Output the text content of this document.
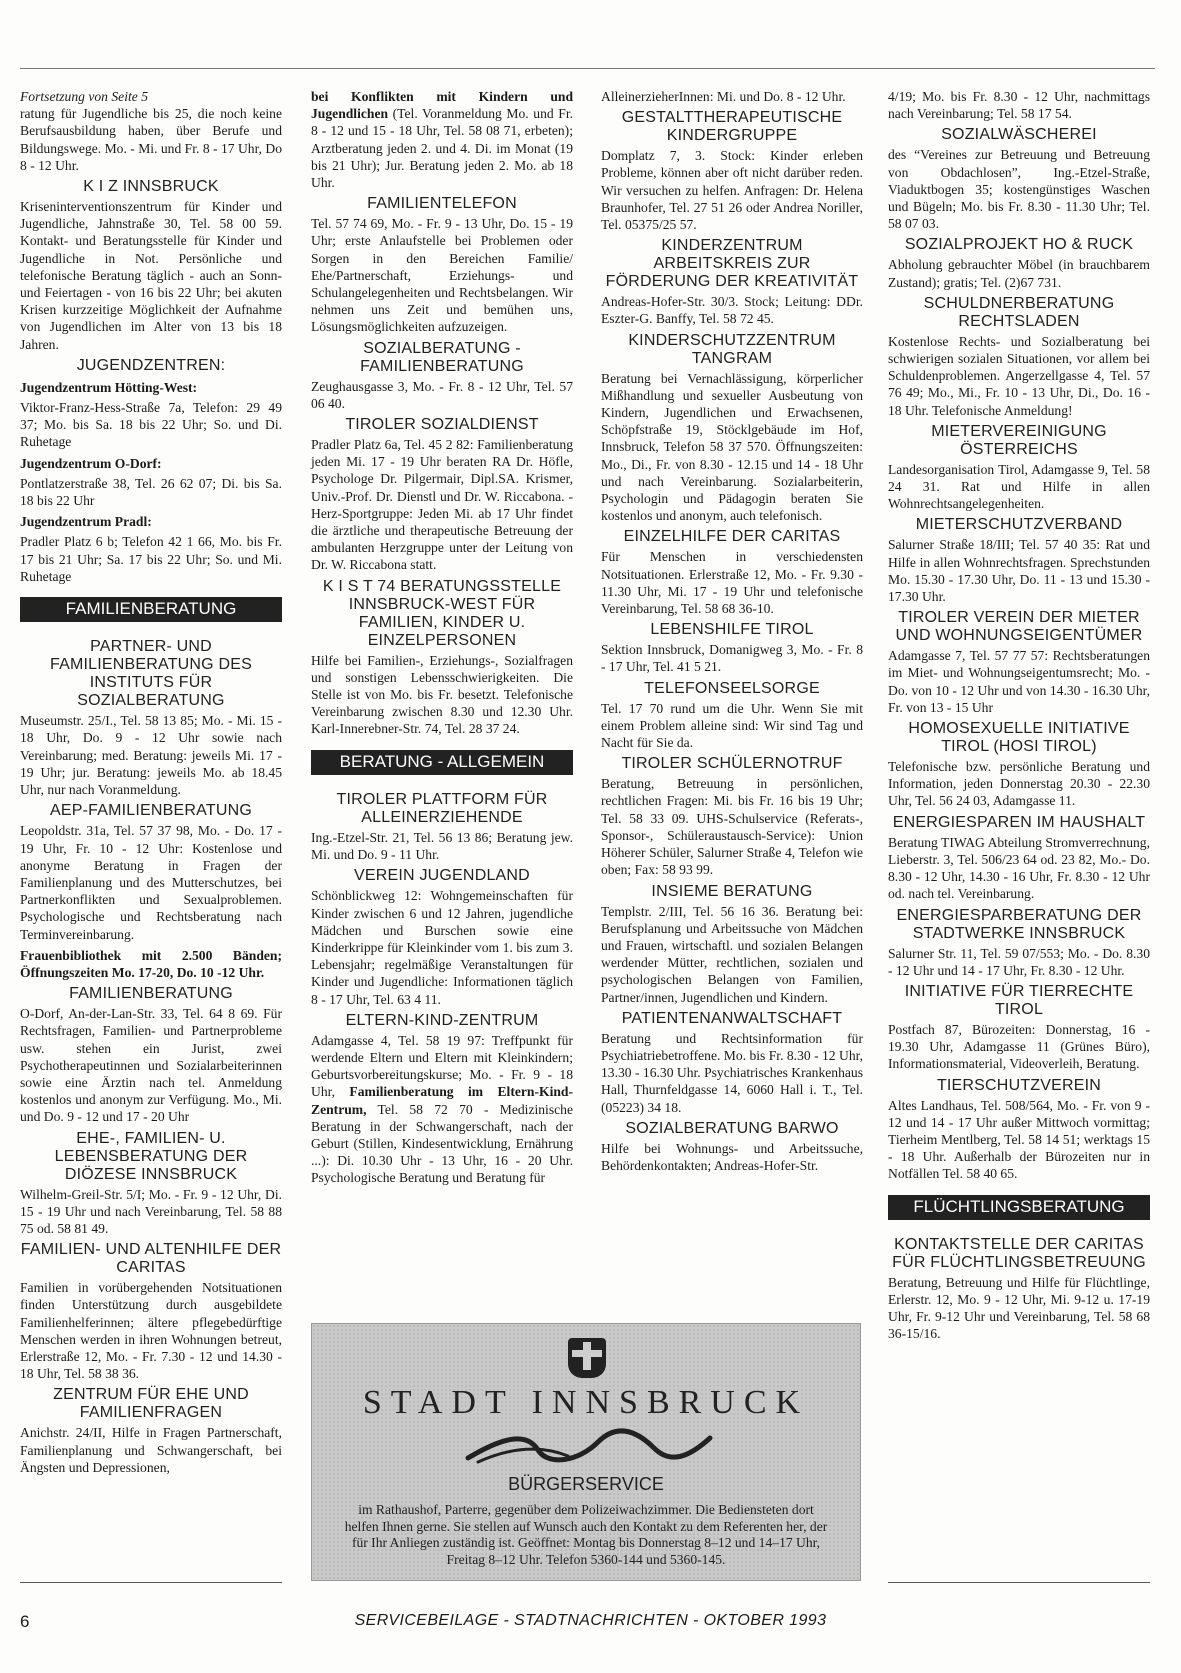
Fortsetzung von Seite 5

ratung für Jugendliche bis 25, die noch keine Berufsausbildung haben, über Berufe und Bildungswege. Mo. - Mi. und Fr. 8 - 17 Uhr, Do 8 - 12 Uhr.

K I Z INNSBRUCK

Kriseninterventionszentrum für Kinder und Jugendliche, Jahnstraße 30, Tel. 58 00 59. Kontakt- und Beratungsstelle für Kinder und Jugendliche in Not. Persönliche und telefonische Beratung täglich - auch an Sonn- und Feiertagen - von 16 bis 22 Uhr; bei akuten Krisen kurzzeitige Möglichkeit der Aufnahme von Jugendlichen im Alter von 13 bis 18 Jahren.

JUGENDZENTREN:

Jugendzentrum Hötting-West:

Viktor-Franz-Hess-Straße 7a, Telefon: 29 49 37; Mo. bis Sa. 18 bis 22 Uhr; So. und Di. Ruhetage

Jugendzentrum O-Dorf:

Pontlatzerstraße 38, Tel. 26 62 07; Di. bis Sa. 18 bis 22 Uhr

Jugendzentrum Pradl:

Pradler Platz 6 b; Telefon 42 1 66, Mo. bis Fr. 17 bis 21 Uhr; Sa. 17 bis 22 Uhr; So. und Mi. Ruhetage

FAMILIENBERATUNG
PARTNER- UND FAMILIENBERATUNG DES INSTITUTS FÜR SOZIALBERATUNG

Museumstr. 25/I., Tel. 58 13 85; Mo. - Mi. 15 - 18 Uhr, Do. 9 - 12 Uhr sowie nach Vereinbarung; med. Beratung: jeweils Mi. 17 - 19 Uhr; jur. Beratung: jeweils Mo. ab 18.45 Uhr, nur nach Voranmeldung.

AEP-FAMILIENBERATUNG

Leopoldstr. 31a, Tel. 57 37 98, Mo. - Do. 17 - 19 Uhr, Fr. 10 - 12 Uhr: Kostenlose und anonyme Beratung in Fragen der Familienplanung und des Mutterschutzes, bei Partnerkonflikten und Sexualproblemen. Psychologische und Rechtsberatung nach Terminvereinbarung.

Frauenbibliothek mit 2.500 Bänden; Öffnungszeiten Mo. 17-20, Do. 10 -12 Uhr.

FAMILIENBERATUNG

O-Dorf, An-der-Lan-Str. 33, Tel. 64 8 69. Für Rechtsfragen, Familien- und Partnerprobleme usw. stehen ein Jurist, zwei Psychotherapeutinnen und Sozialarbeiterinnen sowie eine Ärztin nach tel. Anmeldung kostenlos und anonym zur Verfügung. Mo., Mi. und Do. 9 - 12 und 17 - 20 Uhr

EHE-, FAMILIEN- U. LEBENSBERATUNG DER DIÖZESE INNSBRUCK

Wilhelm-Greil-Str. 5/I; Mo. - Fr. 9 - 12 Uhr, Di. 15 - 19 Uhr und nach Vereinbarung, Tel. 58 88 75 od. 58 81 49.

FAMILIEN- UND ALTENHILFE DER CARITAS

Familien in vorübergehenden Notsituationen finden Unterstützung durch ausgebildete Familienhelferinnen; ältere pflegebedürftige Menschen werden in ihren Wohnungen betreut, Erlerstraße 12, Mo. - Fr. 7.30 - 12 und 14.30 - 18 Uhr, Tel. 58 38 36.

ZENTRUM FÜR EHE UND FAMILIENFRAGEN

Anichstr. 24/II, Hilfe in Fragen Partnerschaft, Familienplanung und Schwangerschaft, bei Ängsten und Depressionen,

bei Konflikten mit Kindern und Jugendlichen (Tel. Voranmeldung Mo. und Fr. 8 - 12 und 15 - 18 Uhr, Tel. 58 08 71, erbeten); Arztberatung jeden 2. und 4. Di. im Monat (19 bis 21 Uhr); Jur. Beratung jeden 2. Mo. ab 18 Uhr.

FAMILIENTELEFON

Tel. 57 74 69, Mo. - Fr. 9 - 13 Uhr, Do. 15 - 19 Uhr; erste Anlaufstelle bei Problemen oder Sorgen in den Bereichen Familie/ Ehe/Partnerschaft, Erziehungs- und Schulangelegenheiten und Rechtsbelangen. Wir nehmen uns Zeit und bemühen uns, Lösungsmöglichkeiten aufzuzeigen.

SOZIALBERATUNG - FAMILIENBERATUNG

Zeughausgasse 3, Mo. - Fr. 8 - 12 Uhr, Tel. 57 06 40.

TIROLER SOZIALDIENST

Pradler Platz 6a, Tel. 45 2 82: Familienberatung jeden Mi. 17 - 19 Uhr beraten RA Dr. Höfle, Psychologe Dr. Pilgermair, Dipl.SA. Krismer, Univ.-Prof. Dr. Dienstl und Dr. W. Riccabona. - Herz-Sportgruppe: Jeden Mi. ab 17 Uhr findet die ärztliche und therapeutische Betreuung der ambulanten Herzgruppe unter der Leitung von Dr. W. Riccabona statt.

K I S T 74 BERATUNGSSTELLE INNSBRUCK-WEST FÜR FAMILIEN, KINDER U. EINZELPERSONEN

Hilfe bei Familien-, Erziehungs-, Sozialfragen und sonstigen Lebensschwierigkeiten. Die Stelle ist von Mo. bis Fr. besetzt. Telefonische Vereinbarung zwischen 8.30 und 12.30 Uhr. Karl-Innerebner-Str. 74, Tel. 28 37 24.

BERATUNG - ALLGEMEIN
TIROLER PLATTFORM FÜR ALLEINERZIEHENDE

Ing.-Etzel-Str. 21, Tel. 56 13 86; Beratung jew. Mi. und Do. 9 - 11 Uhr.

VEREIN JUGENDLAND

Schönblickweg 12: Wohngemeinschaften für Kinder zwischen 6 und 12 Jahren, jugendliche Mädchen und Burschen sowie eine Kinderkrippe für Kleinkinder vom 1. bis zum 3. Lebensjahr; regelmäßige Veranstaltungen für Kinder und Jugendliche: Informationen täglich 8 - 17 Uhr, Tel. 63 4 11.

ELTERN-KIND-ZENTRUM

Adamgasse 4, Tel. 58 19 97: Treffpunkt für werdende Eltern und Eltern mit Kleinkindern; Geburtsvorbereitungskurse; Mo. - Fr. 9 - 18 Uhr, Familienberatung im Eltern-Kind-Zentrum, Tel. 58 72 70 - Medizinische Beratung in der Schwangerschaft, nach der Geburt (Stillen, Kindesentwicklung, Ernährung ...): Di. 10.30 Uhr - 13 Uhr, 16 - 20 Uhr. Psychologische Beratung und Beratung für

AlleinerzieherInnen: Mi. und Do. 8 - 12 Uhr.

GESTALTTHERAPEUTISCHE KINDERGRUPPE

Domplatz 7, 3. Stock: Kinder erleben Probleme, können aber oft nicht darüber reden. Wir versuchen zu helfen. Anfragen: Dr. Helena Braunhofer, Tel. 27 51 26 oder Andrea Noriller, Tel. 05375/25 57.

KINDERZENTRUM ARBEITSKREIS ZUR FÖRDERUNG DER KREATIVITÄT

Andreas-Hofer-Str. 30/3. Stock; Leitung: DDr. Eszter-G. Banffy, Tel. 58 72 45.

KINDERSCHUTZZENTRUM TANGRAM

Beratung bei Vernachlässigung, körperlicher Mißhandlung und sexueller Ausbeutung von Kindern, Jugendlichen und Erwachsenen, Schöpfstraße 19, Stöcklgebäude im Hof, Innsbruck, Telefon 58 37 570. Öffnungszeiten: Mo., Di., Fr. von 8.30 - 12.15 und 14 - 18 Uhr und nach Vereinbarung. Sozialarbeiterin, Psychologin und Pädagogin beraten Sie kostenlos und anonym, auch telefonisch.

EINZELHILFE DER CARITAS

Für Menschen in verschiedensten Notsituationen. Erlerstraße 12, Mo. - Fr. 9.30 - 11.30 Uhr, Mi. 17 - 19 Uhr und telefonische Vereinbarung, Tel. 58 68 36-10.

LEBENSHILFE TIROL

Sektion Innsbruck, Domanigweg 3, Mo. - Fr. 8 - 17 Uhr, Tel. 41 5 21.

TELEFONSEELSORGE

Tel. 17 70 rund um die Uhr. Wenn Sie mit einem Problem alleine sind: Wir sind Tag und Nacht für Sie da.

TIROLER SCHÜLERNOTRUF

Beratung, Betreuung in persönlichen, rechtlichen Fragen: Mi. bis Fr. 16 bis 19 Uhr; Tel. 58 33 09. UHS-Schulservice (Referats-, Sponsor-, Schüleraustausch-Service): Union Höherer Schüler, Salurner Straße 4, Telefon wie oben; Fax: 58 93 99.

INSIEME BERATUNG

Templstr. 2/III, Tel. 56 16 36. Beratung bei: Berufsplanung und Arbeitssuche von Mädchen und Frauen, wirtschaftl. und sozialen Belangen werdender Mütter, rechtlichen, sozialen und psychologischen Belangen von Familien, Partner/innen, Jugendlichen und Kindern.

PATIENTENANWALTSCHAFT

Beratung und Rechtsinformation für Psychiatriebetroffene. Mo. bis Fr. 8.30 - 12 Uhr, 13.30 - 16.30 Uhr. Psychiatrisches Krankenhaus Hall, Thurnfeldgasse 14, 6060 Hall i. T., Tel. (05223) 34 18.

SOZIALBERATUNG BARWO

Hilfe bei Wohnungs- und Arbeitssuche, Behördenkontakten; Andreas-Hofer-Str.

4/19; Mo. bis Fr. 8.30 - 12 Uhr, nachmittags nach Vereinbarung; Tel. 58 17 54.

SOZIALWÄSCHEREI

des “Vereines zur Betreuung und Betreuung von Obdachlosen”, Ing.-Etzel-Straße, Viaduktbogen 35; kostengünstiges Waschen und Bügeln; Mo. bis Fr. 8.30 - 11.30 Uhr; Tel. 58 07 03.

SOZIALPROJEKT HO & RUCK

Abholung gebrauchter Möbel (in brauchbarem Zustand); gratis; Tel. (2)67 731.

SCHULDNERBERATUNG RECHTSLADEN

Kostenlose Rechts- und Sozialberatung bei schwierigen sozialen Situationen, vor allem bei Schuldenproblemen. Angerzellgasse 4, Tel. 57 76 49; Mo., Mi., Fr. 10 - 13 Uhr, Di., Do. 16 - 18 Uhr. Telefonische Anmeldung!

MIETERVEREINIGUNG ÖSTERREICHS

Landesorganisation Tirol, Adamgasse 9, Tel. 58 24 31. Rat und Hilfe in allen Wohnrechtsangelegenheiten.

MIETERSCHUTZVERBAND

Salurner Straße 18/III; Tel. 57 40 35: Rat und Hilfe in allen Wohnrechtsfragen. Sprechstunden Mo. 15.30 - 17.30 Uhr, Do. 11 - 13 und 15.30 - 17.30 Uhr.

TIROLER VEREIN DER MIETER UND WOHNUNGSEIGENTÜMER

Adamgasse 7, Tel. 57 77 57: Rechtsberatungen im Miet- und Wohnungseigentumsrecht; Mo. - Do. von 10 - 12 Uhr und von 14.30 - 16.30 Uhr, Fr. von 13 - 15 Uhr

HOMOSEXUELLE INITIATIVE TIROL (HOSI TIROL)

Telefonische bzw. persönliche Beratung und Information, jeden Donnerstag 20.30 - 22.30 Uhr, Tel. 56 24 03, Adamgasse 11.

ENERGIESPAREN IM HAUSHALT

Beratung TIWAG Abteilung Stromverrechnung, Lieberstr. 3, Tel. 506/23 64 od. 23 82, Mo.- Do. 8.30 - 12 Uhr, 14.30 - 16 Uhr, Fr. 8.30 - 12 Uhr od. nach tel. Vereinbarung.

ENERGIESPARBERATUNG DER STADTWERKE INNSBRUCK

Salurner Str. 11, Tel. 59 07/553; Mo. - Do. 8.30 - 12 Uhr und 14 - 17 Uhr, Fr. 8.30 - 12 Uhr.

INITIATIVE FÜR TIERRECHTE TIROL

Postfach 87, Bürozeiten: Donnerstag, 16 - 19.30 Uhr, Adamgasse 11 (Grünes Büro), Informationsmaterial, Videoverleih, Beratung.

TIERSCHUTZVEREIN

Altes Landhaus, Tel. 508/564, Mo. - Fr. von 9 - 12 und 14 - 17 Uhr außer Mittwoch vormittag; Tierheim Mentlberg, Tel. 58 14 51; werktags 15 - 18 Uhr. Außerhalb der Bürozeiten nur in Notfällen Tel. 58 40 65.

FLÜCHTLINGSBERATUNG
KONTAKTSTELLE DER CARITAS FÜR FLÜCHTLINGSBETREUUNG

Beratung, Betreuung und Hilfe für Flüchtlinge, Erlerstr. 12, Mo. 9 - 12 Uhr, Mi. 9-12 u. 17-19 Uhr, Fr. 9-12 Uhr und Vereinbarung, Tel. 58 68 36-15/16.

STADT INNSBRUCK
BÜRGERSERVICE
im Rathaushof, Parterre, gegenüber dem Polizeiwachzimmer. Die Bediensteten dort helfen Ihnen gerne. Sie stellen auf Wunsch auch den Kontakt zu dem Referenten her, der für Ihr Anliegen zuständig ist. Geöffnet: Montag bis Donnerstag 8–12 und 14–17 Uhr, Freitag 8–12 Uhr. Telefon 5360-144 und 5360-145.
6	SERVICEBEILAGE - STADTNACHRICHTEN - OKTOBER 1993
